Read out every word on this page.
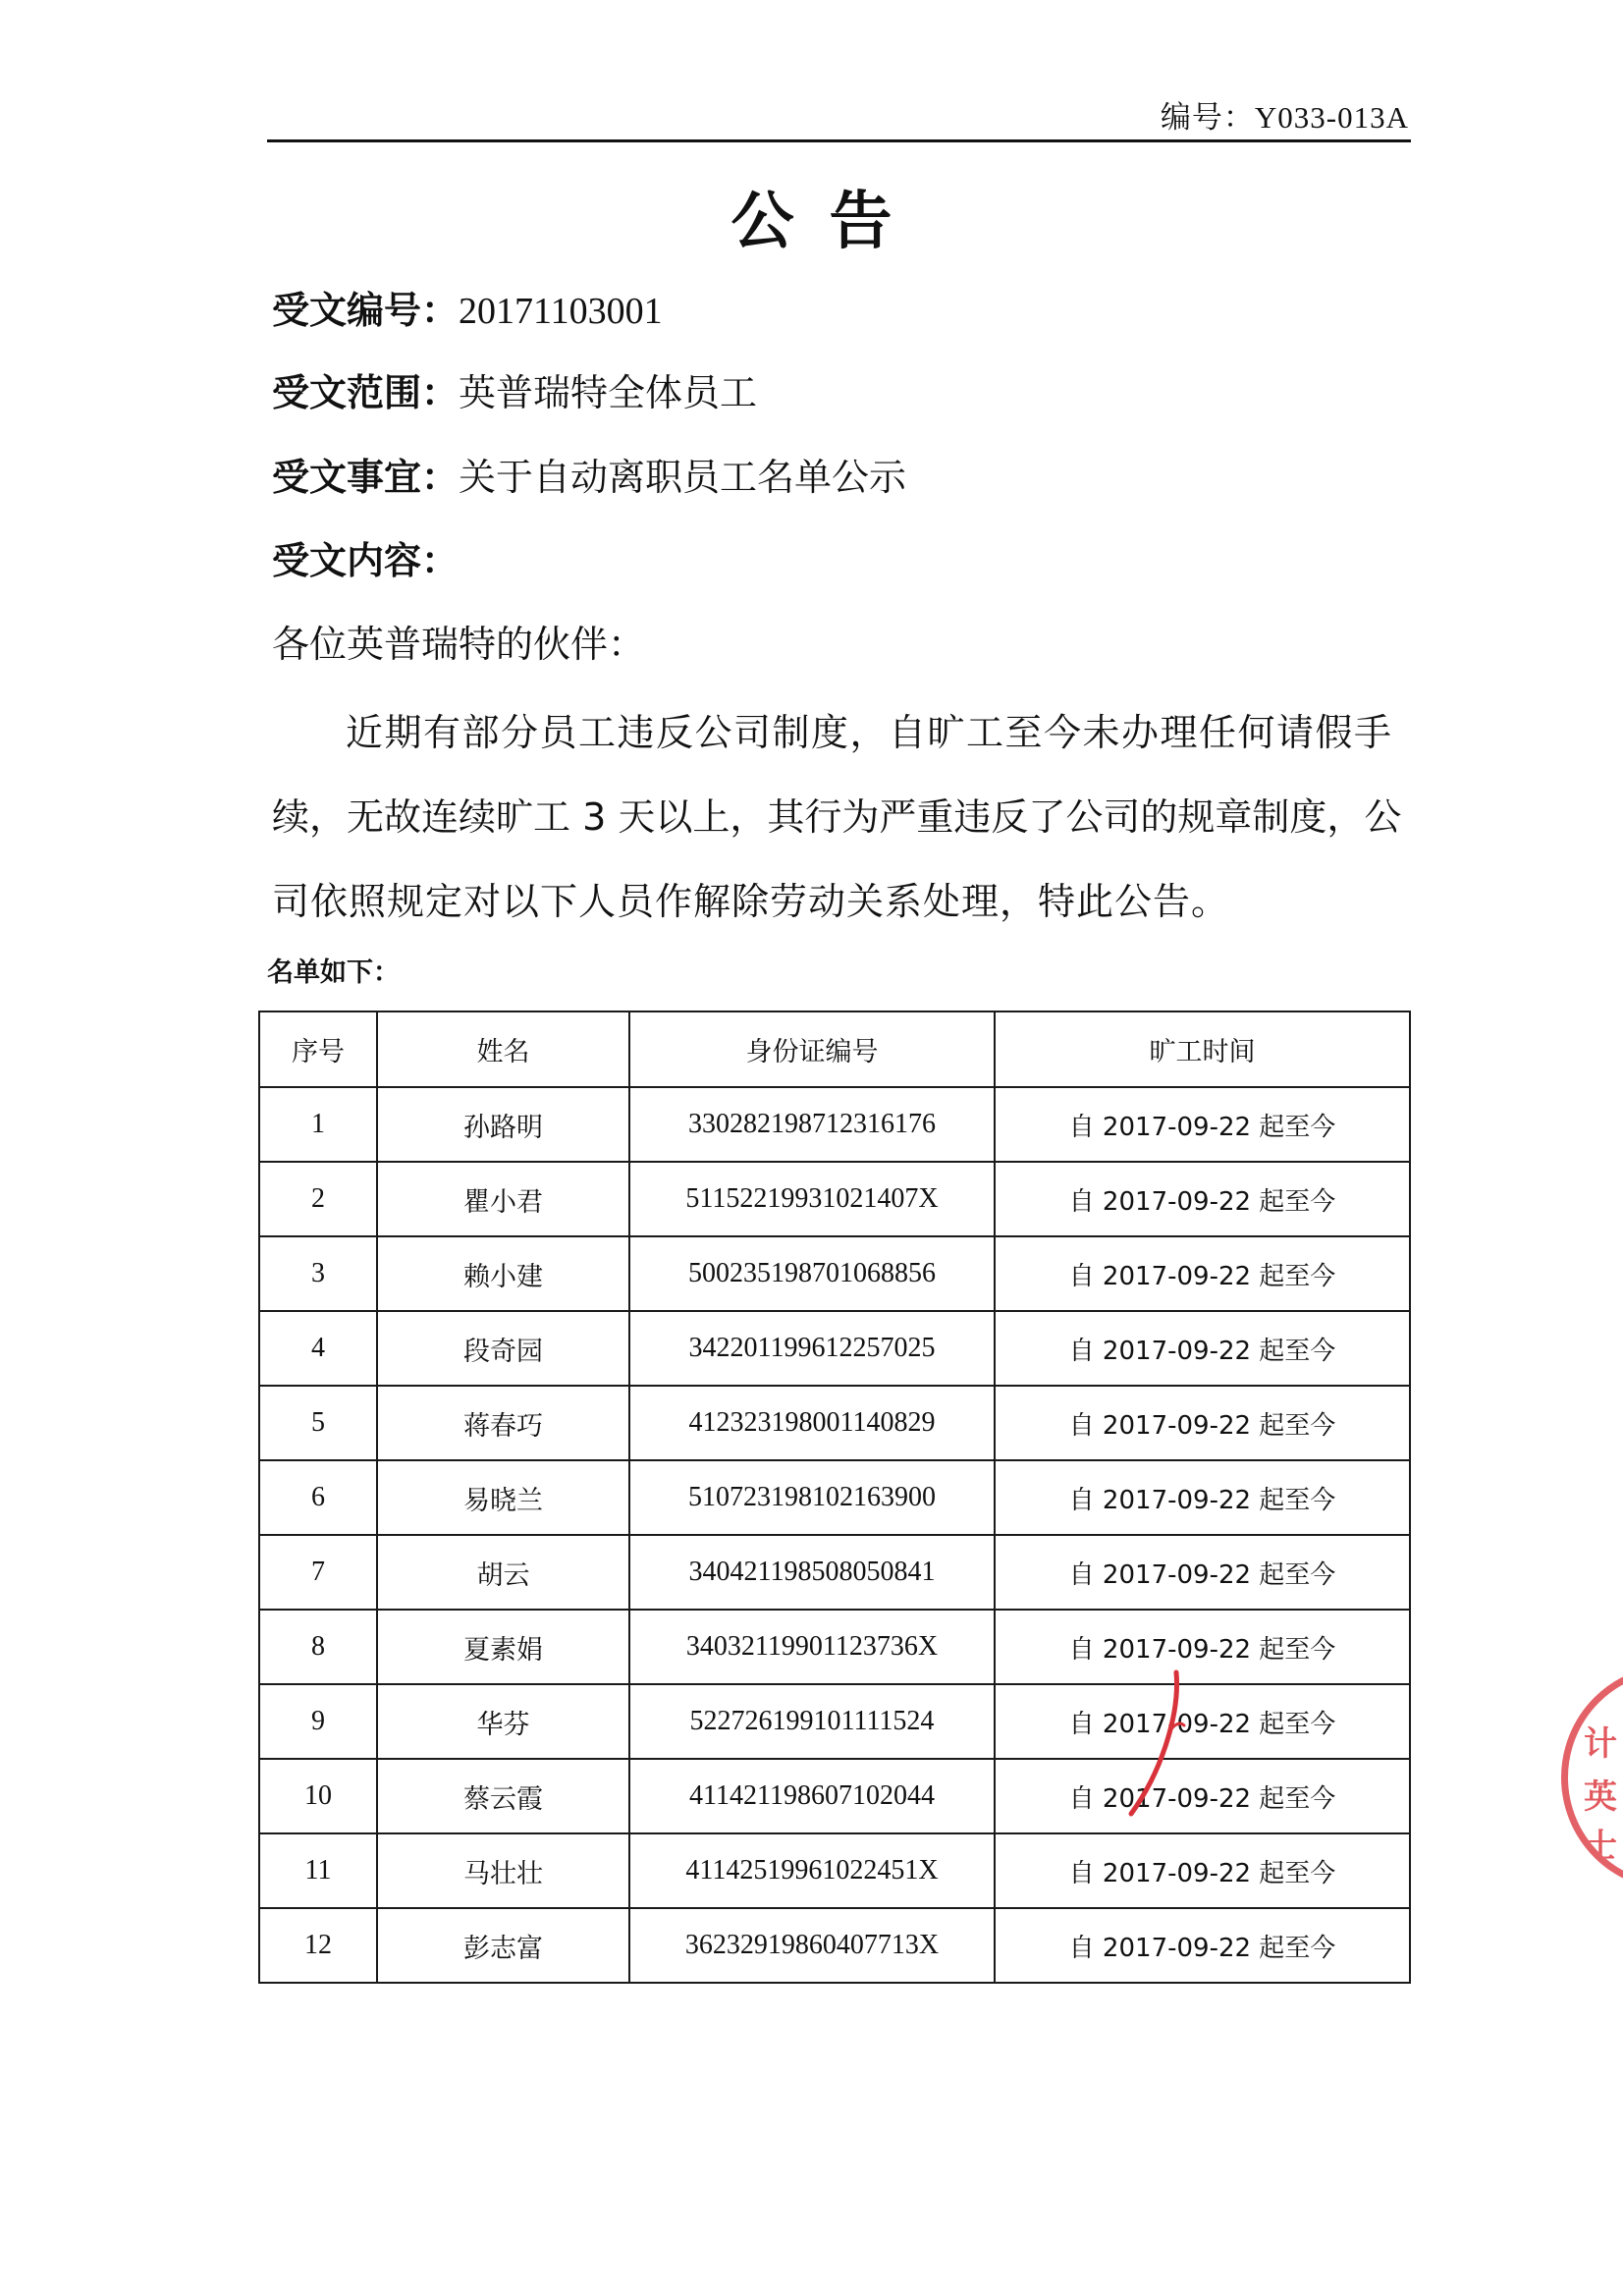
编号：Y033-013A
公告
受文编号：20171103001
受文范围：英普瑞特全体员工
受文事宜：关于自动离职员工名单公示
受文内容：
各位英普瑞特的伙伴：
近期有部分员工违反公司制度，自旷工至今未办理任何请假手
续，无故连续旷工 3 天以上，其行为严重违反了公司的规章制度，公
司依照规定对以下人员作解除劳动关系处理，特此公告。
名单如下：
序号	姓名	身份证编号	旷工时间
1	孙路明	330282198712316176	自 2017-09-22 起至今
2	瞿小君	51152219931021407X	自 2017-09-22 起至今
3	赖小建	500235198701068856	自 2017-09-22 起至今
4	段奇园	342201199612257025	自 2017-09-22 起至今
5	蒋春巧	412323198001140829	自 2017-09-22 起至今
6	易晓兰	510723198102163900	自 2017-09-22 起至今
7	胡云	340421198508050841	自 2017-09-22 起至今
8	夏素娟	34032119901123736X	自 2017-09-22 起至今
9	华芬	522726199101111524	自 2017-09-22 起至今
10	蔡云霞	411421198607102044	自 2017-09-22 起至今
11	马壮壮	41142519961022451X	自 2017-09-22 起至今
12	彭志富	36232919860407713X	自 2017-09-22 起至今
计
英
士
